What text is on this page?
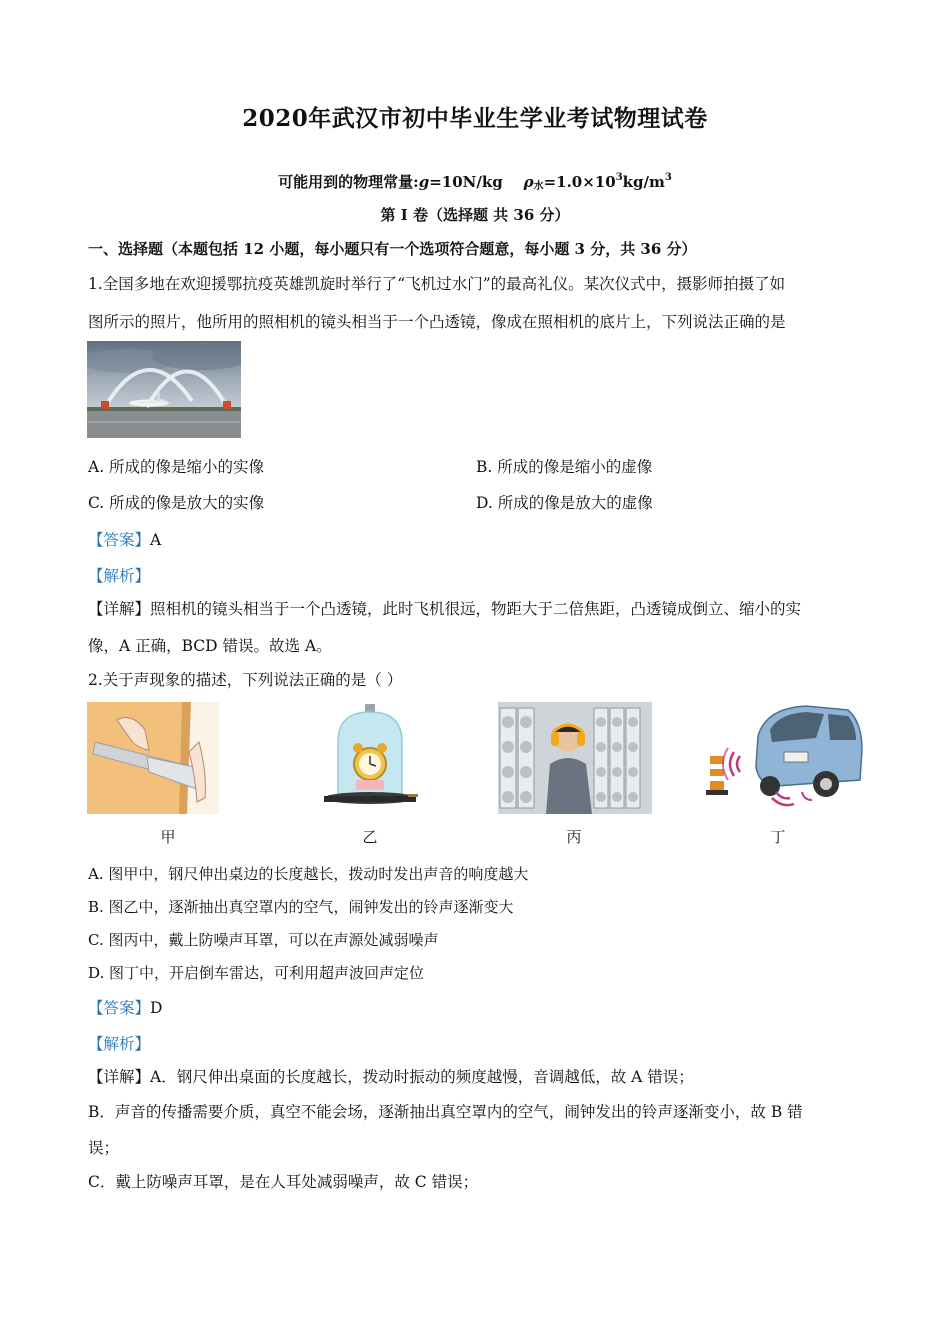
2020年武汉市初中毕业生学业考试物理试卷
可能用到的物理常量:g=10N/kg $\rho_水=1.0\times 10^3kg/m^3$
第 I 卷（选择题 共 36 分）
一、选择题（本题包括 12 小题，每小题只有一个选项符合题意，每小题 3 分，共 36 分）
1.全国多地在欢迎援鄂抗疫英雄凯旋时举行了“飞机过水门”的最高礼仪。某次仪式中，摄影师拍摄了如
图所示的照片，他所用的照相机的镜头相当于一个凸透镜，像成在照相机的底片上，下列说法正确的是
A. 所成的像是缩小的实像	B. 所成的像是缩小的虚像
C. 所成的像是放大的实像	D. 所成的像是放大的虚像
【答案】A
【解析】
【详解】照相机的镜头相当于一个凸透镜，此时飞机很远，物距大于二倍焦距，凸透镜成倒立、缩小的实
像，A 正确，BCD 错误。故选 A。
2.关于声现象的描述，下列说法正确的是（ ）
甲	乙	丙	丁
A. 图甲中，钢尺伸出桌边的长度越长，拨动时发出声音的响度越大
B. 图乙中，逐渐抽出真空罩内的空气，闹钟发出的铃声逐渐变大
C. 图丙中，戴上防噪声耳罩，可以在声源处减弱噪声
D. 图丁中，开启倒车雷达，可利用超声波回声定位
【答案】D
【解析】
【详解】A．钢尺伸出桌面的长度越长，拨动时振动的频度越慢，音调越低，故 A 错误；
B．声音的传播需要介质，真空不能会场，逐渐抽出真空罩内的空气，闹钟发出的铃声逐渐变小，故 B 错
误；
C．戴上防噪声耳罩，是在人耳处减弱噪声，故 C 错误；
